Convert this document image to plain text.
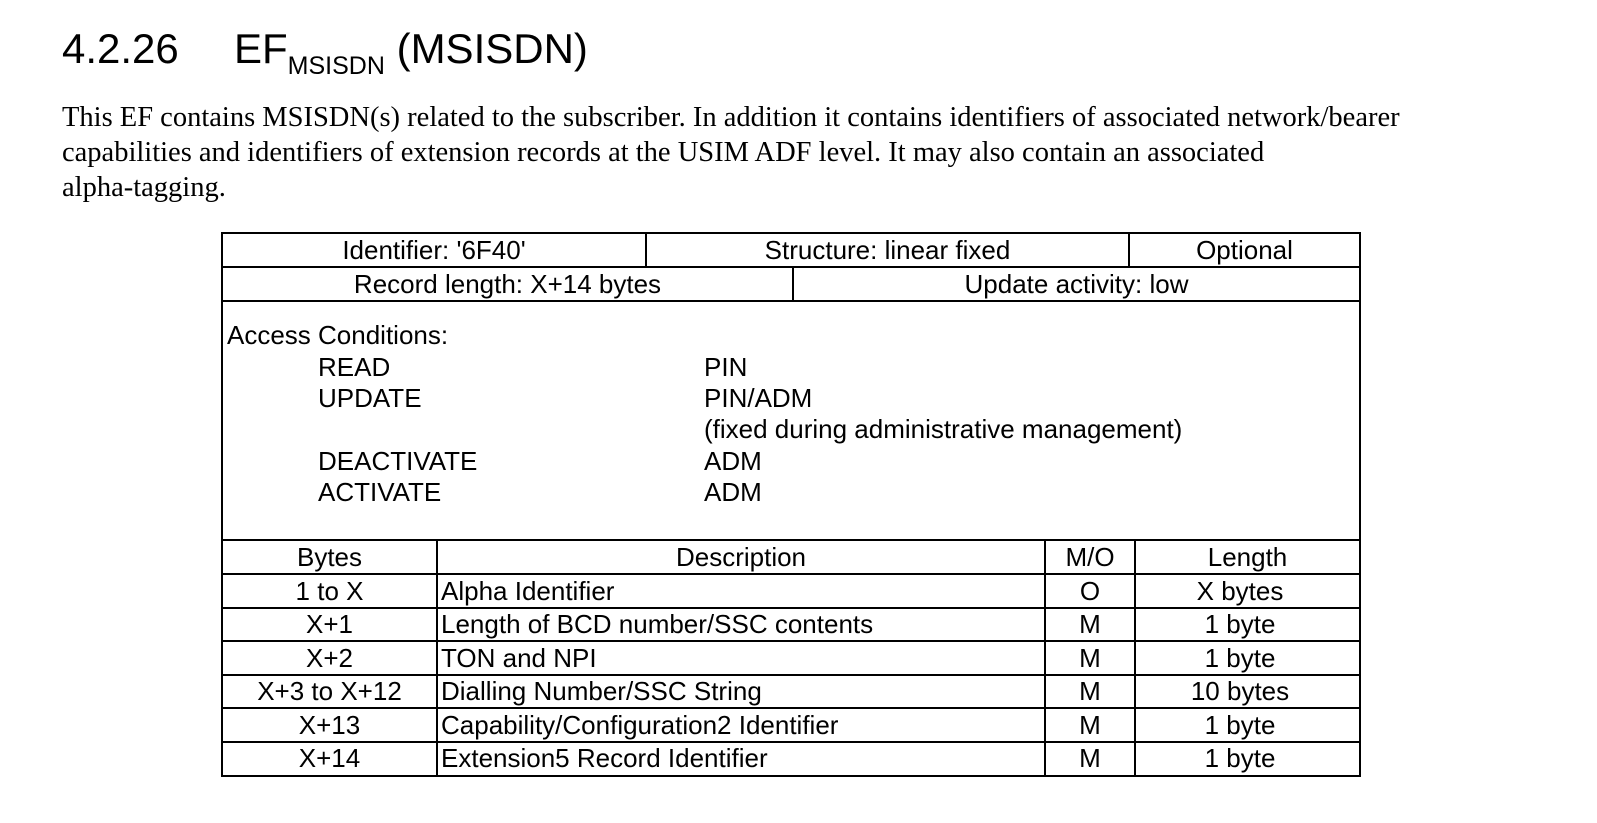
4.2.26 $EF_{MSISDN}$ (MSISDN)
This EF contains MSISDN(s) related to the subscriber. In addition it contains identifiers of associated network/bearer
capabilities and identifiers of extension records at the USIM ADF level. It may also contain an associated
alpha-tagging.
Identifier: '6F40'	Structure: linear fixed	Optional
Record length: X+14 bytes	Update activity: low
Access Conditions:
READ	PIN
UPDATE	PIN/ADM
(fixed during administrative management)
DEACTIVATE	ADM
ACTIVATE	ADM
Bytes	Description	M/O	Length
1 to X	Alpha Identifier	O	X bytes
X+1	Length of BCD number/SSC contents	M	1 byte
X+2	TON and NPI	M	1 byte
X+3 to X+12	Dialling Number/SSC String	M	10 bytes
X+13	Capability/Configuration2 Identifier	M	1 byte
X+14	Extension5 Record Identifier	M	1 byte
